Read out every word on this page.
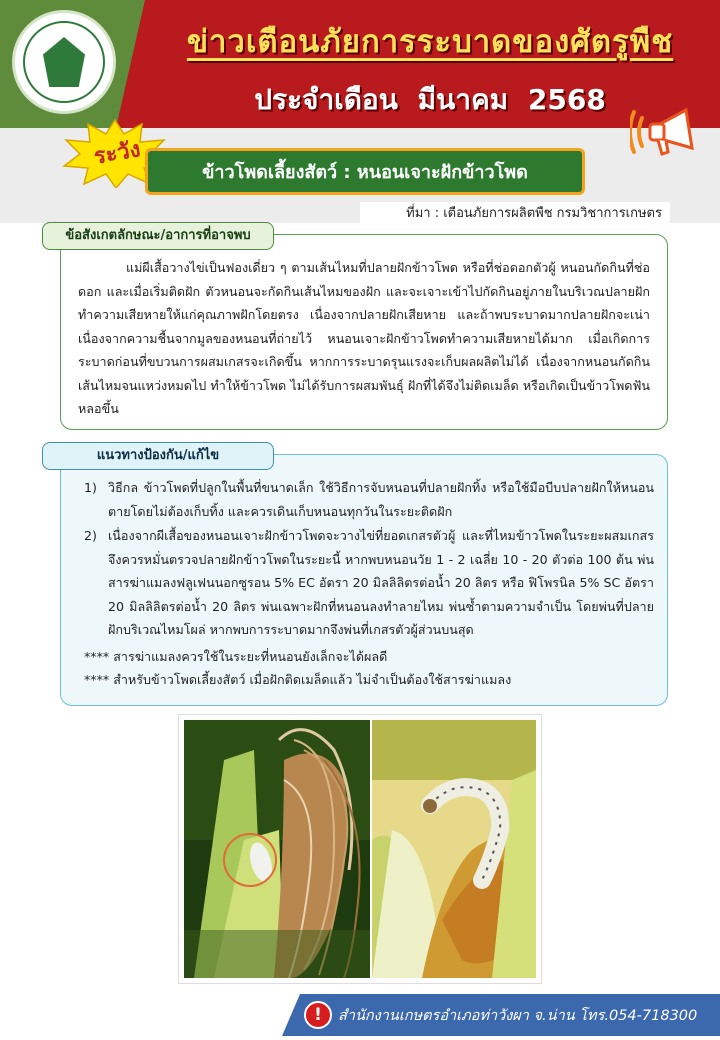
ข่าวเตือนภัยการระบาดของศัตรูพืช
ประจำเดือน มีนาคม 2568
ระวัง
ข้าวโพดเลี้ยงสัตว์ : หนอนเจาะฝักข้าวโพด
ที่มา : เตือนภัยการผลิตพืช กรมวิชาการเกษตร
ข้อสังเกตลักษณะ/อาการที่อาจพบ
แม่ผีเสื้อวางไข่เป็นฟองเดี่ยว ๆ ตามเส้นไหมที่ปลายฝักข้าวโพด หรือที่ช่อดอกตัวผู้ หนอนกัดกินที่ช่อดอก และเมื่อเริ่มติดฝัก ตัวหนอนจะกัดกินเส้นไหมของฝัก และจะเจาะเข้าไปกัดกินอยู่ภายในบริเวณปลายฝัก ทำความเสียหายให้แก่คุณภาพฝักโดยตรง เนื่องจากปลายฝักเสียหาย และถ้าพบระบาดมากปลายฝักจะเน่า เนื่องจากความชื้นจากมูลของหนอนที่ถ่ายไว้ หนอนเจาะฝักข้าวโพดทำความเสียหายได้มาก เมื่อเกิดการระบาดก่อนที่ขบวนการผสมเกสรจะเกิดขึ้น หากการระบาดรุนแรงจะเก็บผลผลิตไม่ได้ เนื่องจากหนอนกัดกินเส้นไหมจนแหว่งหมดไป ทำให้ข้าวโพด ไม่ได้รับการผสมพันธุ์ ฝักที่ได้จึงไม่ติดเมล็ด หรือเกิดเป็นข้าวโพดฟันหลอขึ้น
แนวทางป้องกัน/แก้ไข
1) วิธีกล ข้าวโพดที่ปลูกในพื้นที่ขนาดเล็ก ใช้วิธีการจับหนอนที่ปลายฝักทิ้ง หรือใช้มือบีบปลายฝักให้หนอนตายโดยไม่ต้องเก็บทิ้ง และควรเดินเก็บหนอนทุกวันในระยะติดฝัก
2) เนื่องจากผีเสื้อของหนอนเจาะฝักข้าวโพดจะวางไข่ที่ยอดเกสรตัวผู้ และที่ไหมข้าวโพดในระยะผสมเกสร จึงควรหมั่นตรวจปลายฝักข้าวโพดในระยะนี้ หากพบหนอนวัย 1 - 2 เฉลี่ย 10 - 20 ตัวต่อ 100 ต้น พ่นสารฆ่าแมลงฟลูเฟนนอกซูรอน 5% EC อัตรา 20 มิลลิลิตรต่อน้ำ 20 ลิตร หรือ ฟิโพรนิล 5% SC อัตรา 20 มิลลิลิตรต่อน้ำ 20 ลิตร พ่นเฉพาะฝักที่หนอนลงทำลายไหม พ่นซ้ำตามความจำเป็น โดยพ่นที่ปลายฝักบริเวณไหมโผล่ หากพบการระบาดมากจึงพ่นที่เกสรตัวผู้ส่วนบนสุด
**** สารฆ่าแมลงควรใช้ในระยะที่หนอนยังเล็กจะได้ผลดี
**** สำหรับข้าวโพดเลี้ยงสัตว์ เมื่อฝักติดเมล็ดแล้ว ไม่จำเป็นต้องใช้สารฆ่าแมลง
!	สำนักงานเกษตรอำเภอท่าวังผา จ.น่าน โทร.054-718300
